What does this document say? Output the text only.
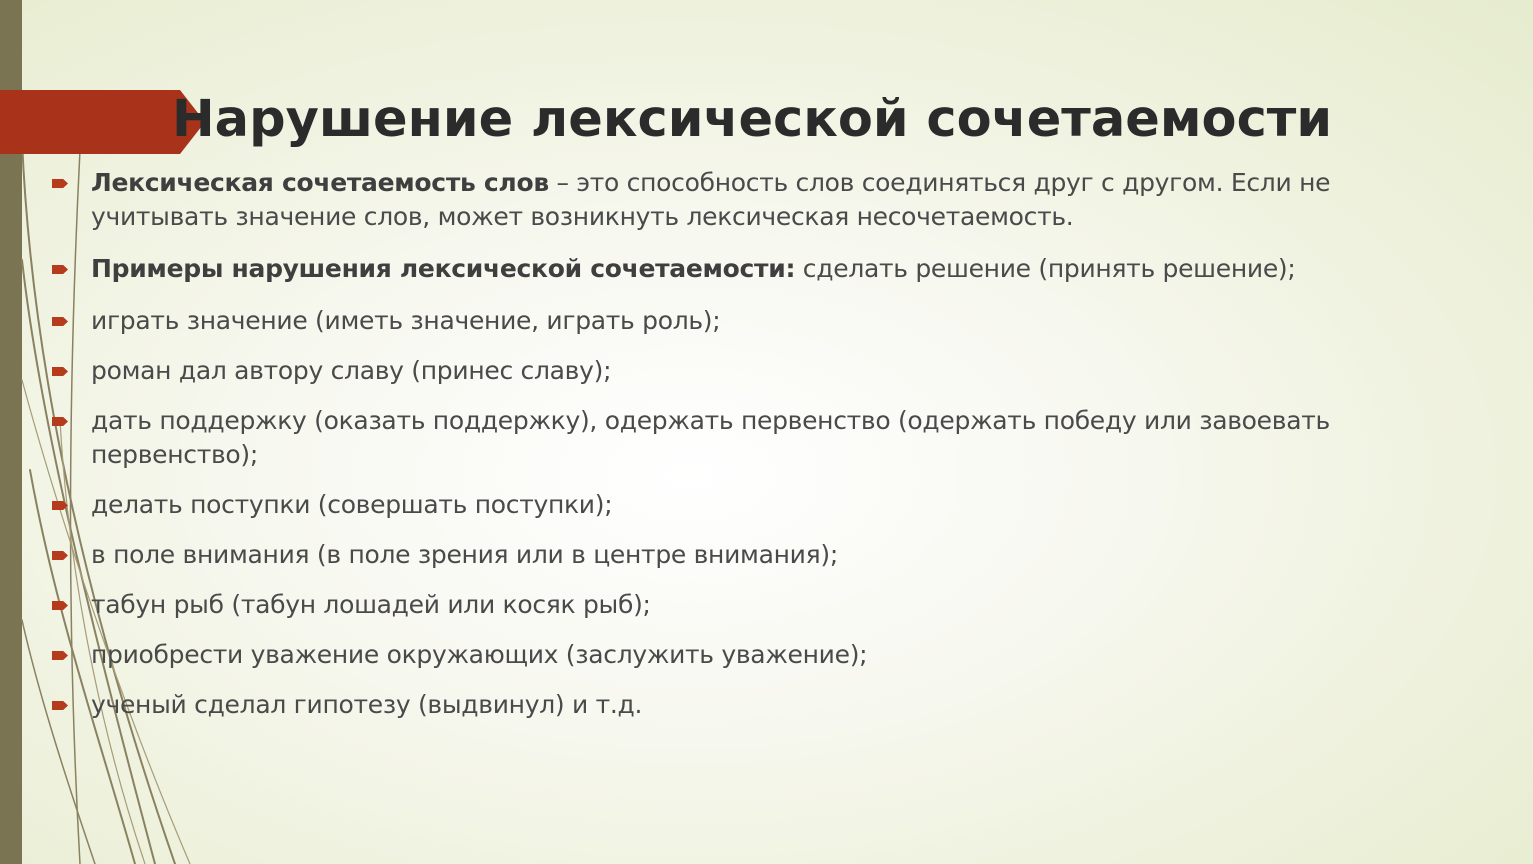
Нарушение лексической сочетаемости
Лексическая сочетаемость слов – это способность слов соединяться друг с другом. Если не учитывать значение слов, может возникнуть лексическая несочетаемость.
Примеры нарушения лексической сочетаемости: сделать решение (принять решение);
играть значение (иметь значение, играть роль);
роман дал автору славу (принес славу);
дать поддержку (оказать поддержку), одержать первенство (одержать победу или завоевать первенство);
делать поступки (совершать поступки);
в поле внимания (в поле зрения или в центре внимания);
табун рыб (табун лошадей или косяк рыб);
приобрести уважение окружающих (заслужить уважение);
ученый сделал гипотезу (выдвинул) и т.д.
